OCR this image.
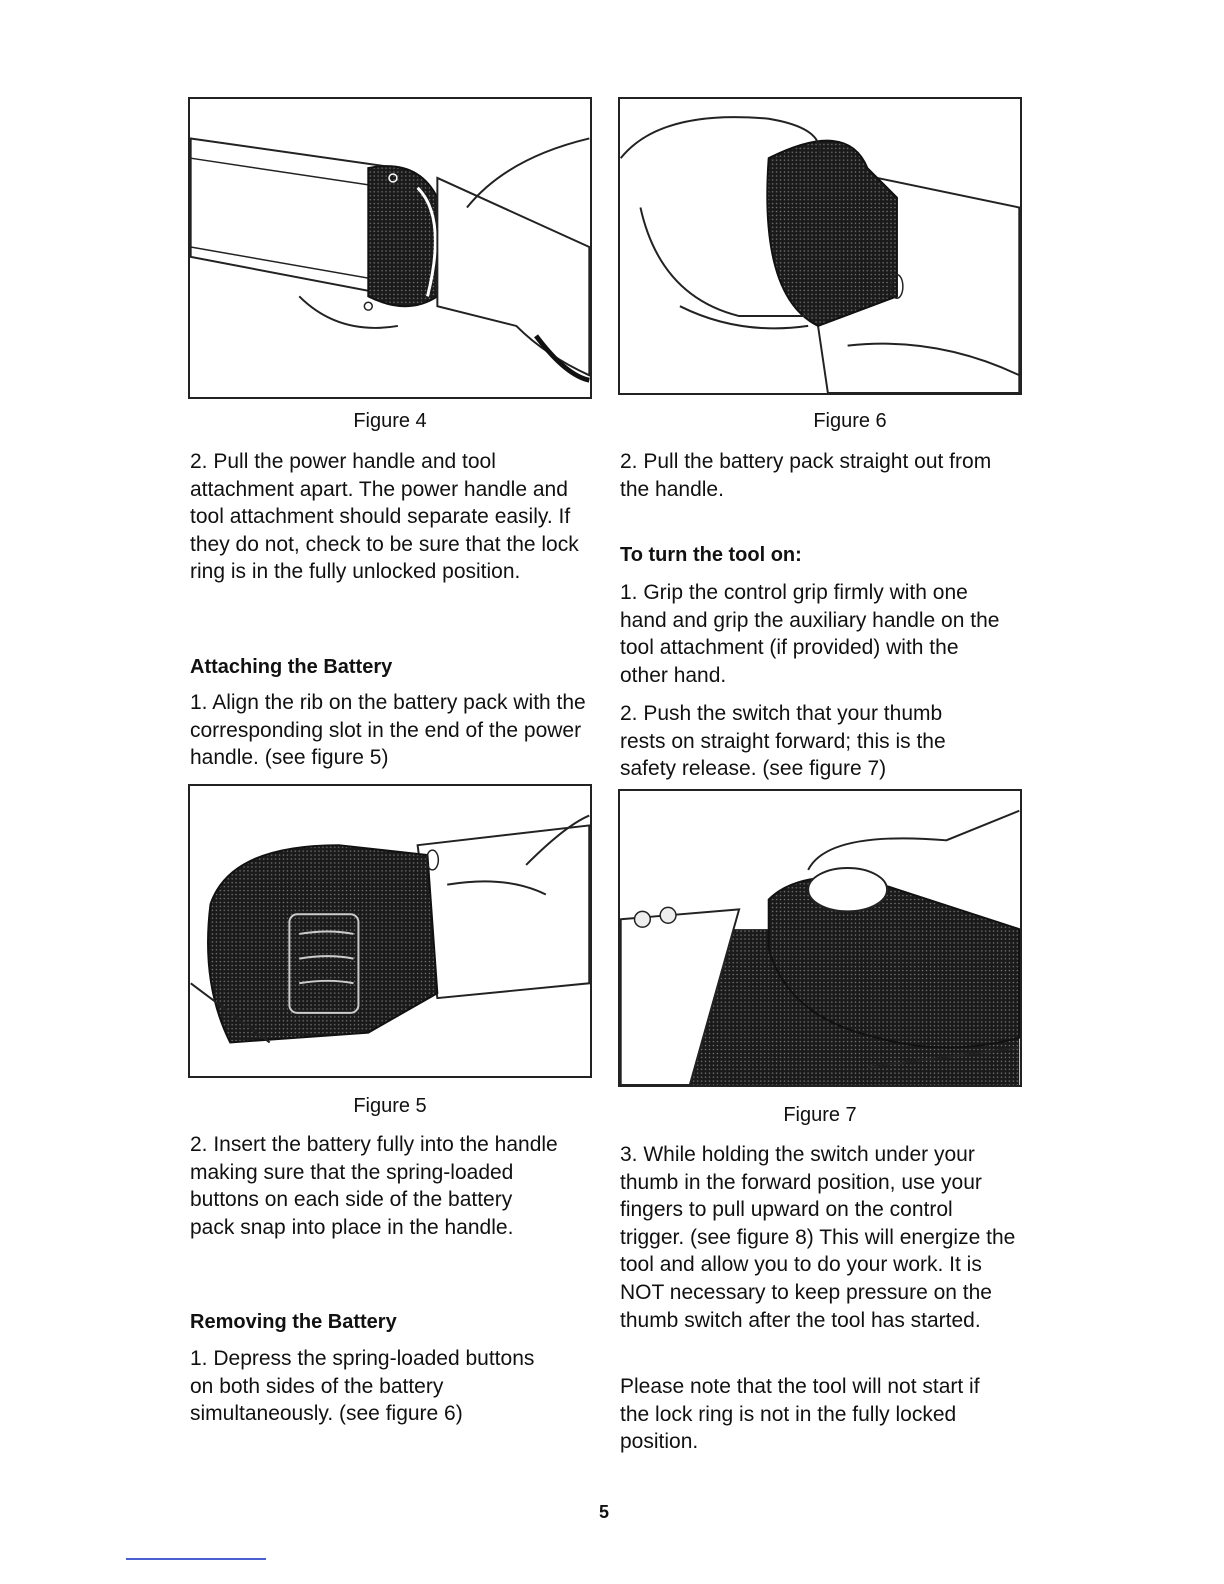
Figure 4

2. Pull the power handle and tool attachment apart. The power handle and tool attachment should separate easily. If they do not, check to be sure that the lock ring is in the fully unlocked position.

Attaching the Battery

1. Align the rib on the battery pack with the corresponding slot in the end of the power handle. (see figure 5)

Figure 5

2. Insert the battery fully into the handle making sure that the spring-loaded buttons on each side of the battery pack snap into place in the handle.

Removing the Battery

1. Depress the spring-loaded buttons on both sides of the battery simultaneously. (see figure 6)

Figure 6

2. Pull the battery pack straight out from the handle.

To turn the tool on:

1. Grip the control grip firmly with one hand and grip the auxiliary handle on the tool attachment (if provided) with the other hand.

2. Push the switch that your thumb rests on straight forward; this is the safety release. (see figure 7)

Figure 7

3. While holding the switch under your thumb in the forward position, use your fingers to pull upward on the control trigger. (see figure 8) This will energize the tool and allow you to do your work. It is NOT necessary to keep pressure on the thumb switch after the tool has started.

Please note that the tool will not start if the lock ring is not in the fully locked position.

5
